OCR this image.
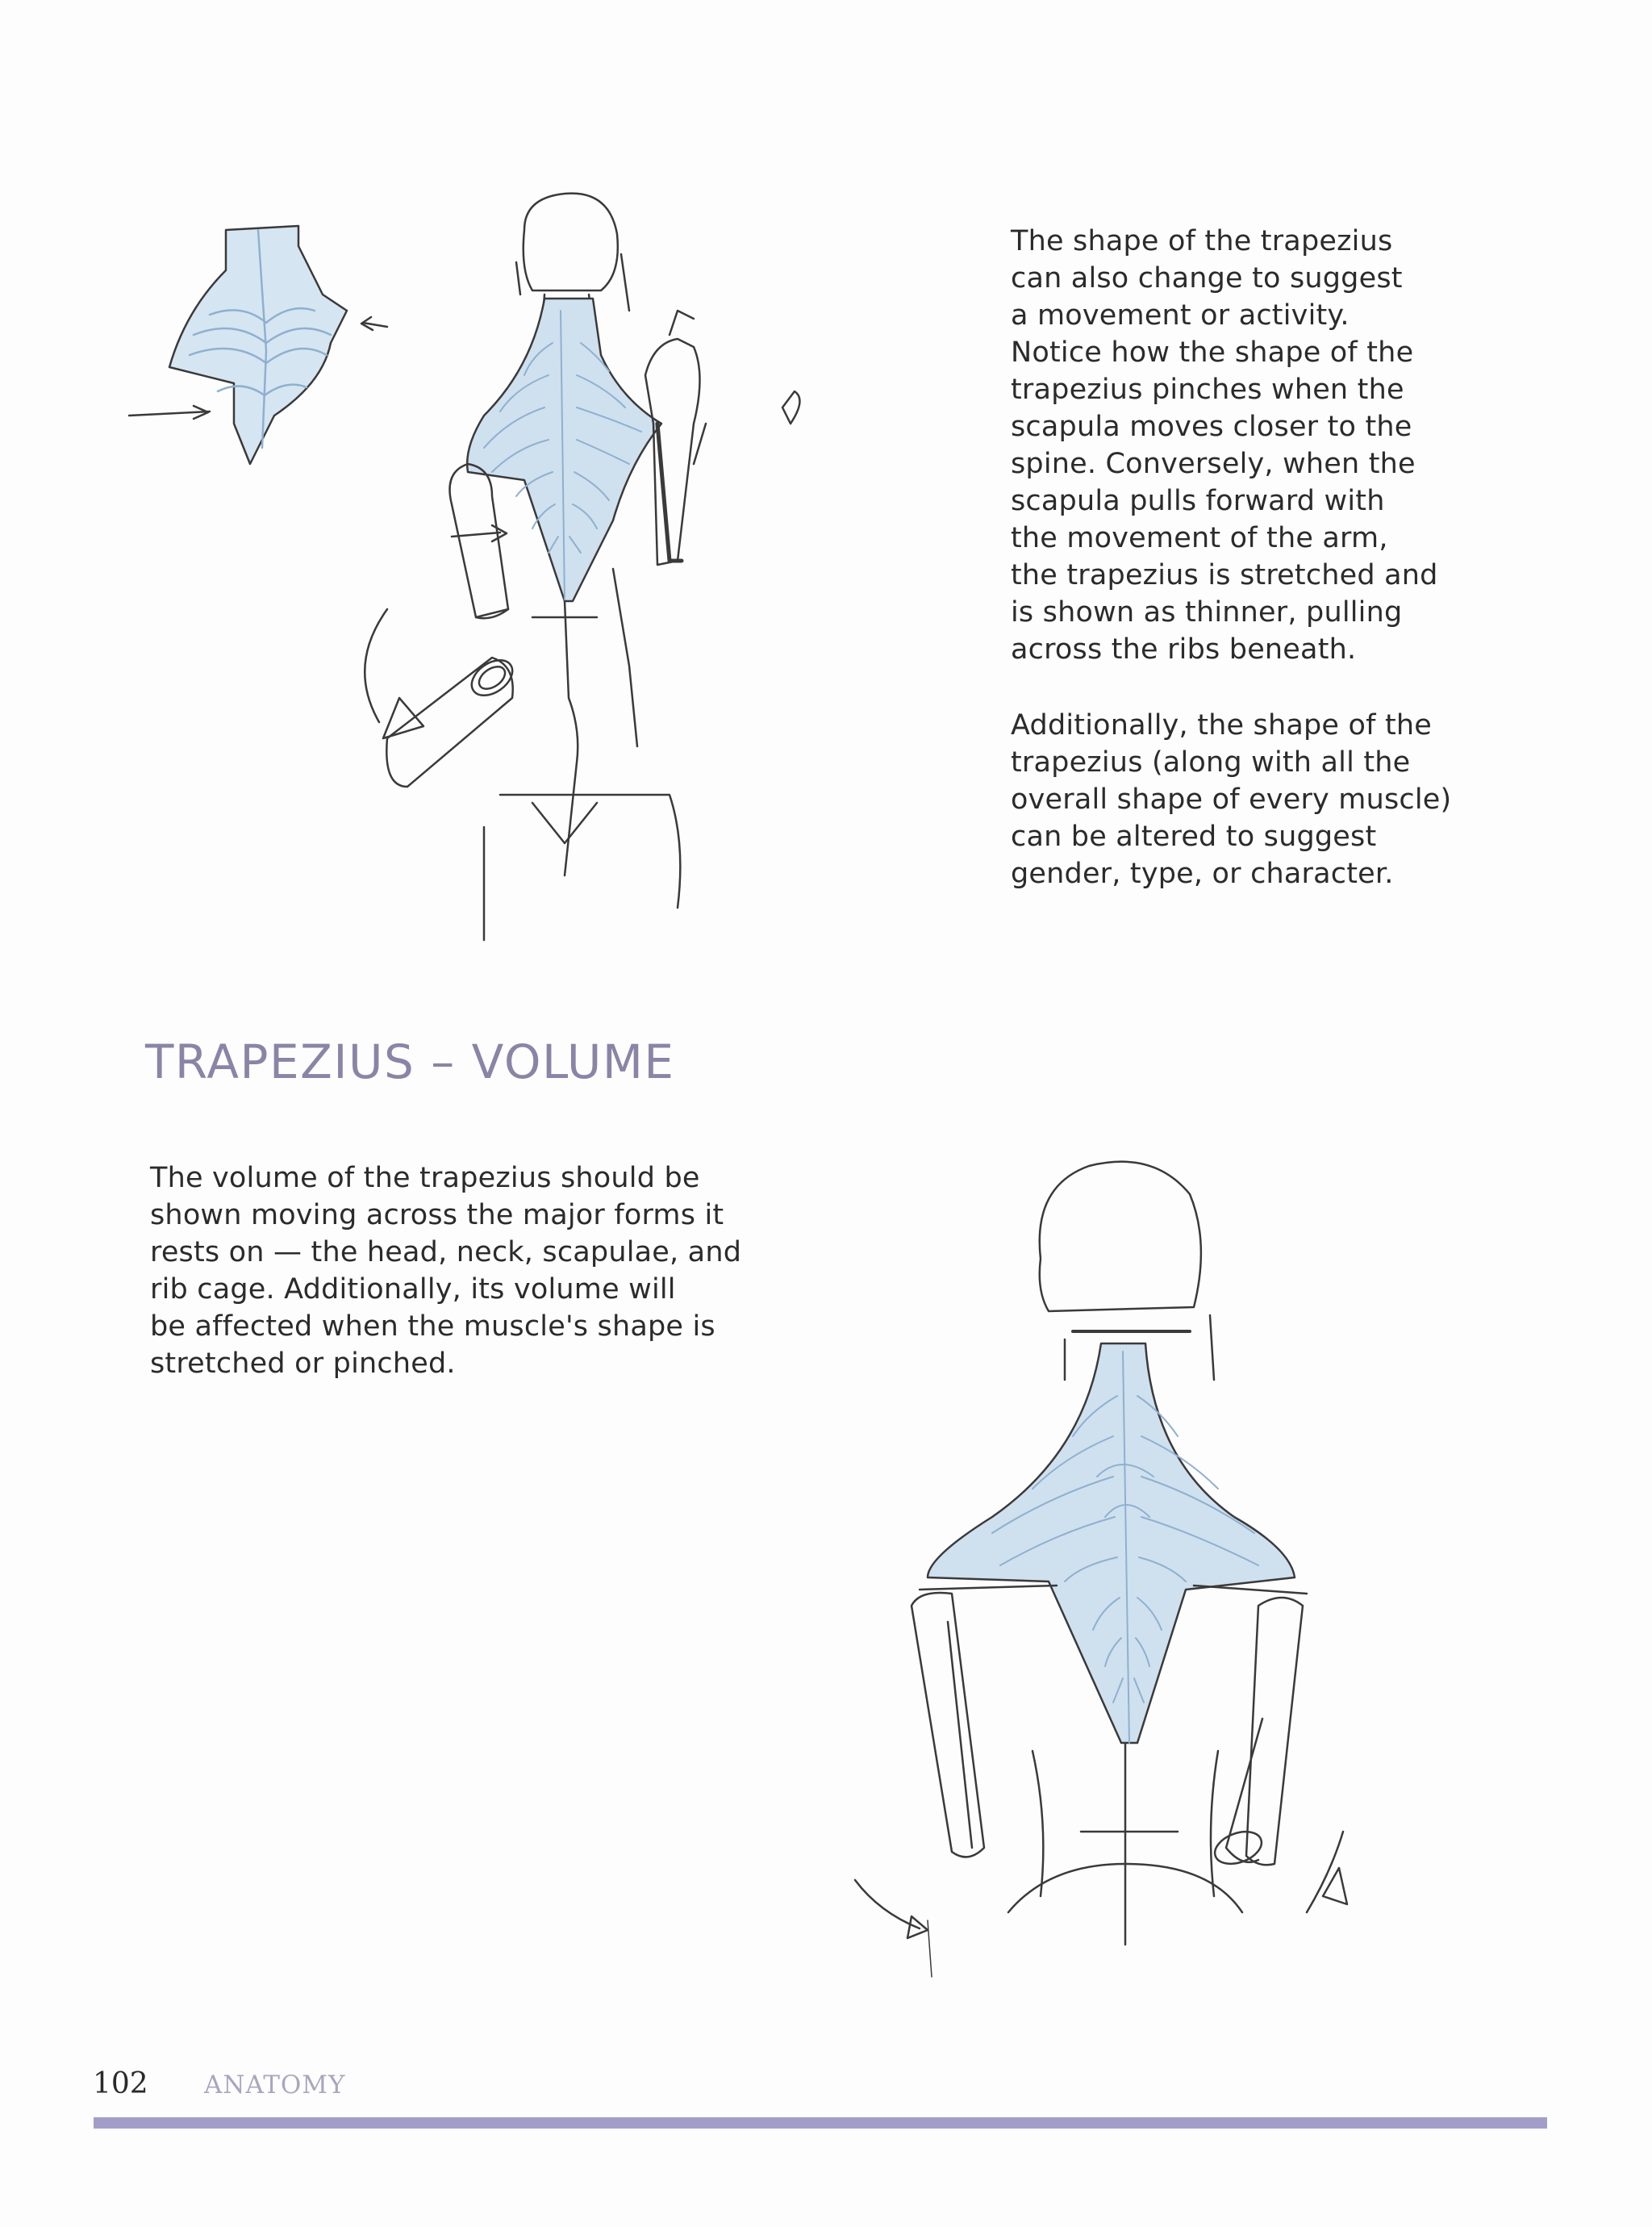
The shape of the trapezius
can also change to suggest
a movement or activity.
Notice how the shape of the
trapezius pinches when the
scapula moves closer to the
spine. Conversely, when the
scapula pulls forward with
the movement of the arm,
the trapezius is stretched and
is shown as thinner, pulling
across the ribs beneath.
Additionally, the shape of the
trapezius (along with all the
overall shape of every muscle)
can be altered to suggest
gender, type, or character.
TRAPEZIUS – VOLUME
The volume of the trapezius should be
shown moving across the major forms it
rests on — the head, neck, scapulae, and
rib cage. Additionally, its volume will
be affected when the muscle's shape is
stretched or pinched.
102 ANATOMY
